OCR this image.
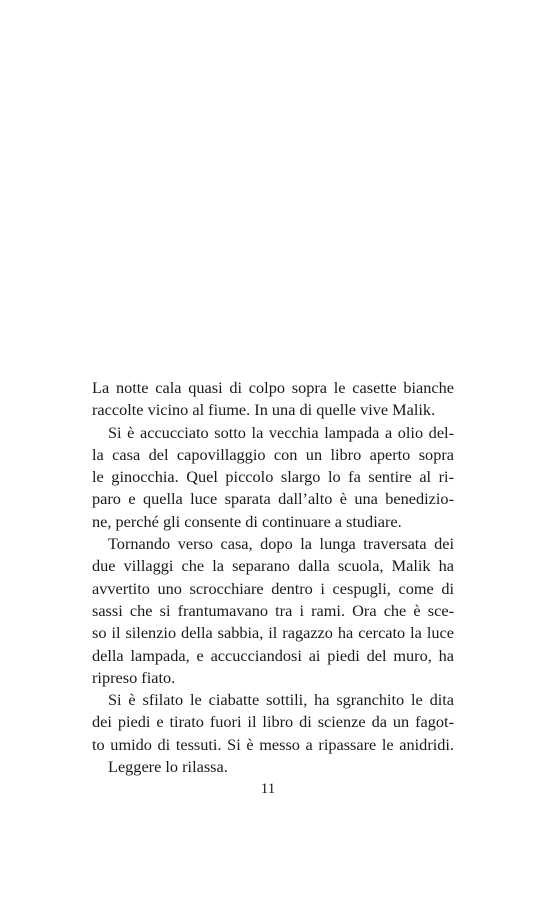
La notte cala quasi di colpo sopra le casette bianche
raccolte vicino al fiume. In una di quelle vive Malik.
Si è accucciato sotto la vecchia lampada a olio del-
la casa del capovillaggio con un libro aperto sopra
le ginocchia. Quel piccolo slargo lo fa sentire al ri-
paro e quella luce sparata dall’alto è una benedizio-
ne, perché gli consente di continuare a studiare.
Tornando verso casa, dopo la lunga traversata dei
due villaggi che la separano dalla scuola, Malik ha
avvertito uno scrocchiare dentro i cespugli, come di
sassi che si frantumavano tra i rami. Ora che è sce-
so il silenzio della sabbia, il ragazzo ha cercato la luce
della lampada, e accucciandosi ai piedi del muro, ha
ripreso fiato.
Si è sfilato le ciabatte sottili, ha sgranchito le dita
dei piedi e tirato fuori il libro di scienze da un fagot-
to umido di tessuti. Si è messo a ripassare le anidridi.
Leggere lo rilassa.
11
